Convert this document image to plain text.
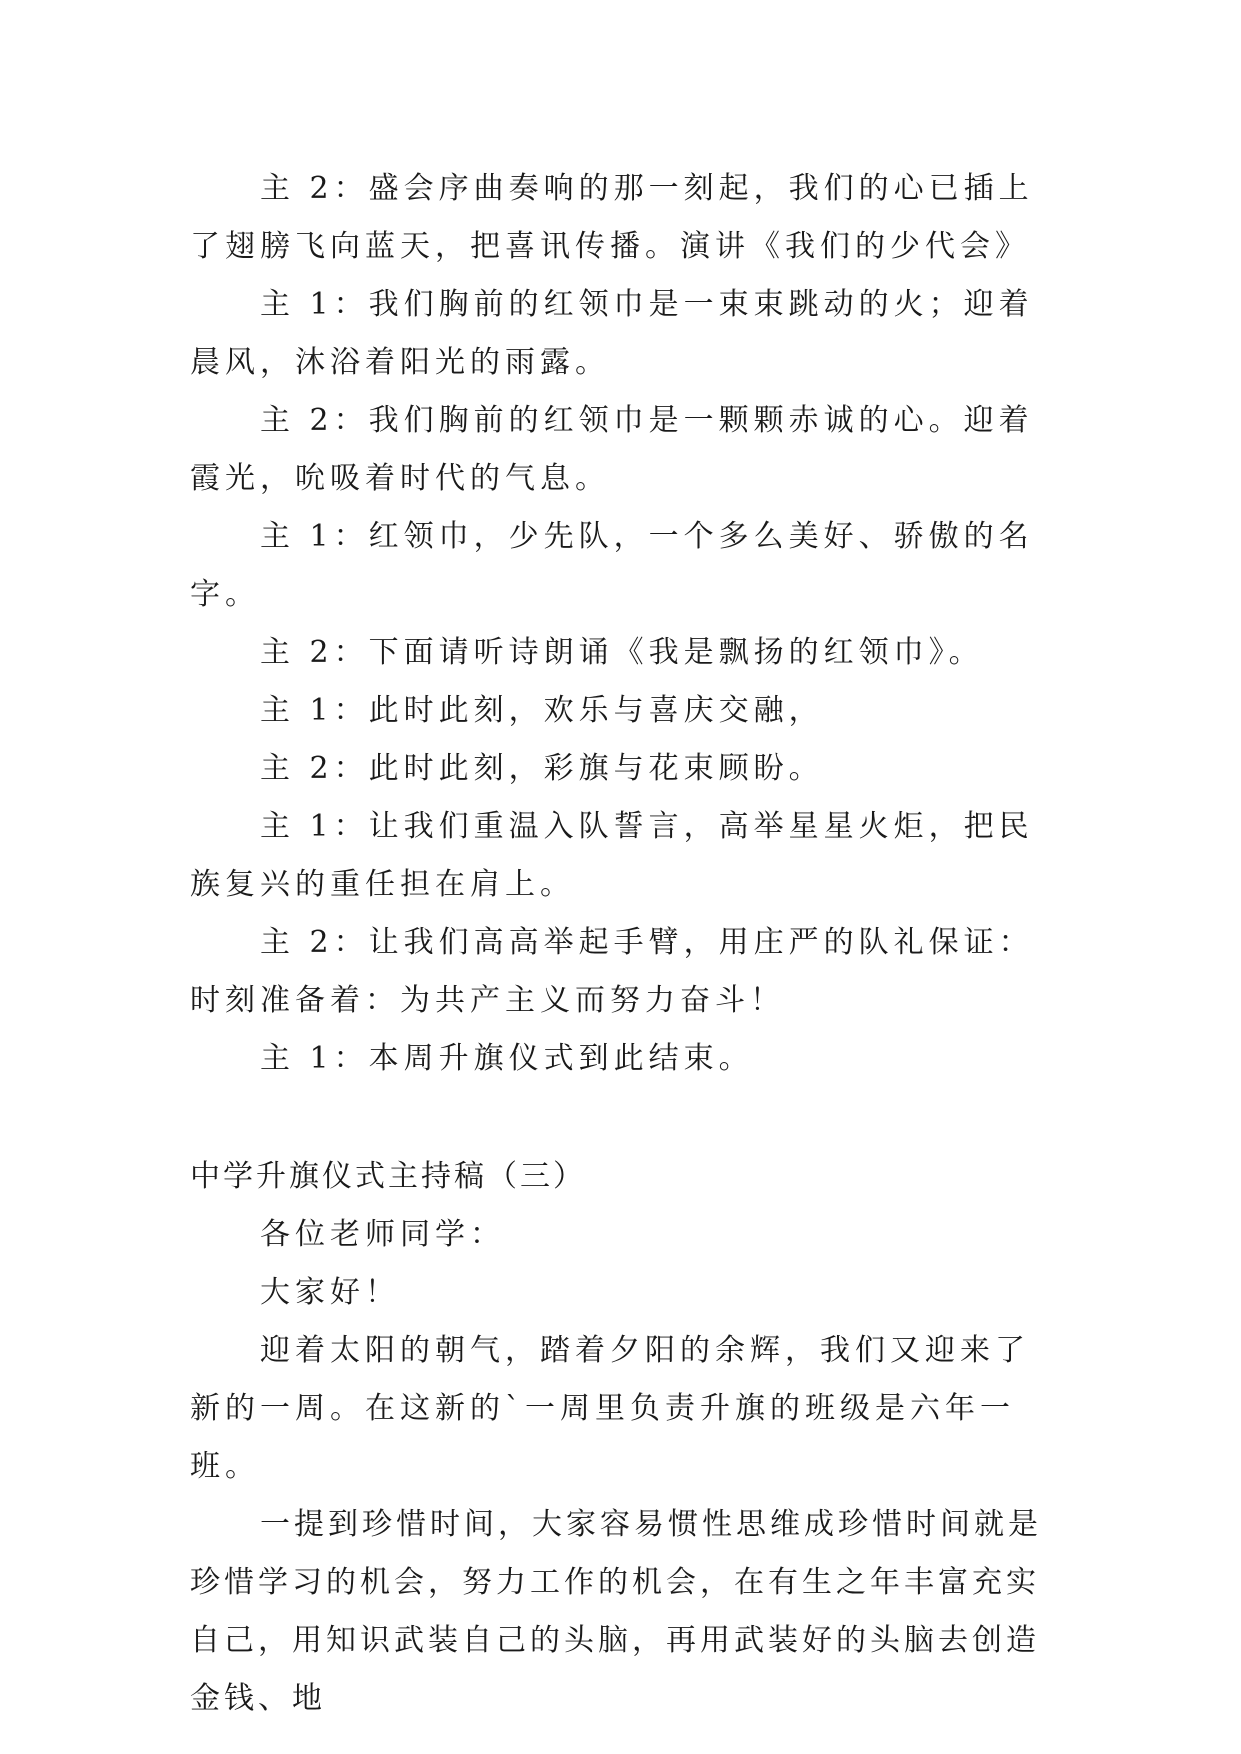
主 2：盛会序曲奏响的那一刻起，我们的心已插上了翅膀飞向蓝天，把喜讯传播。演讲《我们的少代会》

主 1：我们胸前的红领巾是一束束跳动的火；迎着晨风，沐浴着阳光的雨露。

主 2：我们胸前的红领巾是一颗颗赤诚的心。迎着霞光，吮吸着时代的气息。

主 1：红领巾，少先队，一个多么美好、骄傲的名字。

主 2：下面请听诗朗诵《我是飘扬的红领巾》。

主 1：此时此刻，欢乐与喜庆交融，

主 2：此时此刻，彩旗与花束顾盼。

主 1：让我们重温入队誓言，高举星星火炬，把民族复兴的重任担在肩上。

主 2：让我们高高举起手臂，用庄严的队礼保证：时刻准备着：为共产主义而努力奋斗！

主 1：本周升旗仪式到此结束。

中学升旗仪式主持稿（三）

各位老师同学：

大家好！

迎着太阳的朝气，踏着夕阳的余辉，我们又迎来了新的一周。在这新的`一周里负责升旗的班级是六年一班。

一提到珍惜时间，大家容易惯性思维成珍惜时间就是珍惜学习的机会，努力工作的机会，在有生之年丰富充实自己，用知识武装自己的头脑，再用武装好的头脑去创造金钱、地
